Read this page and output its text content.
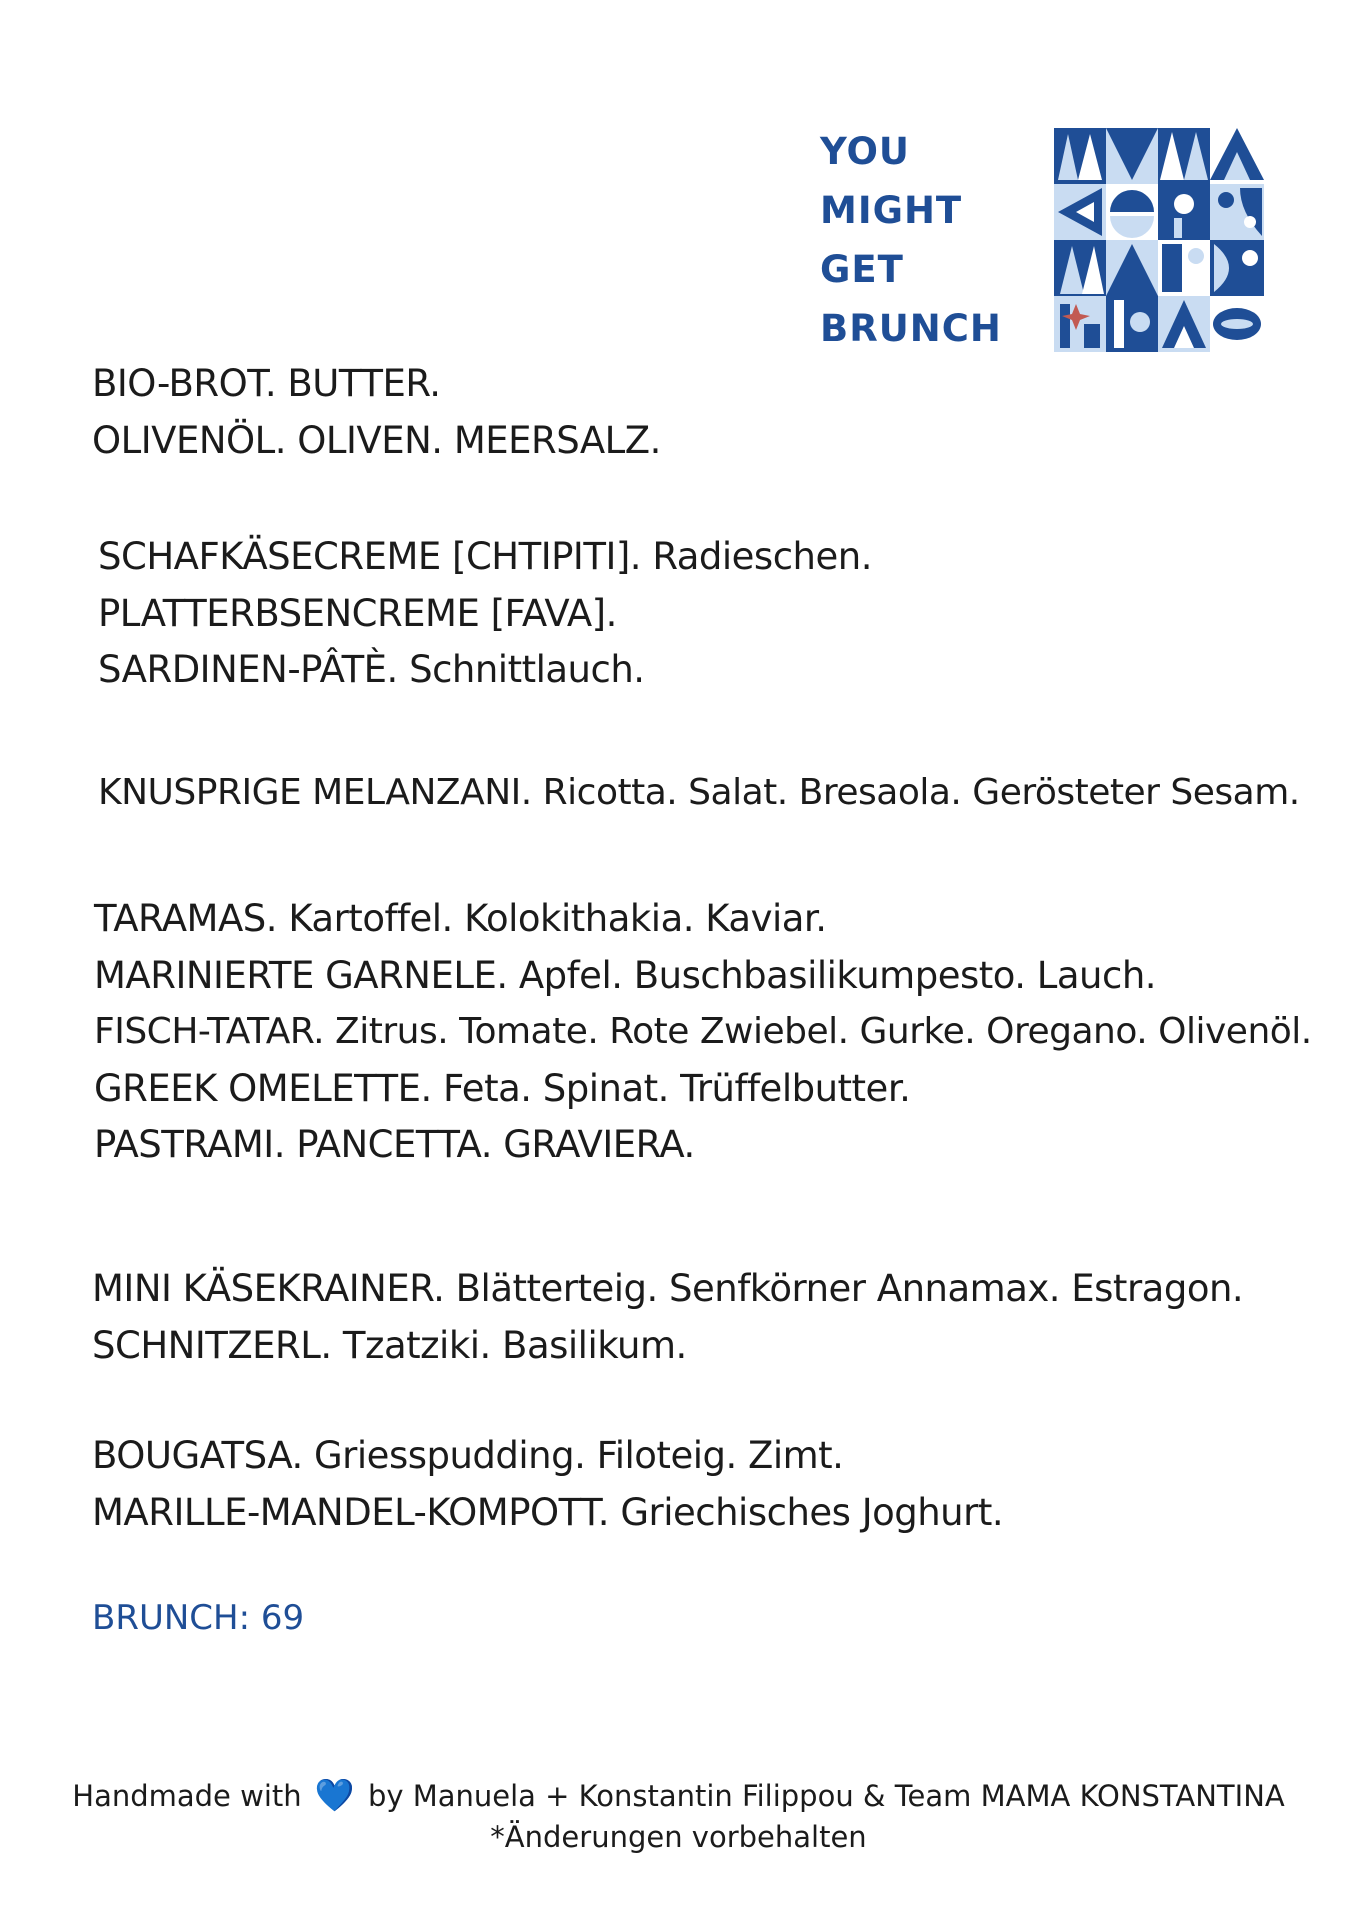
YOU
MIGHT
GET
BRUNCH
BIO-BROT. BUTTER.
OLIVENÖL. OLIVEN. MEERSALZ.
SCHAFKÄSECREME [CHTIPITI]. Radieschen.
PLATTERBSENCREME [FAVA].
SARDINEN-PÂTÈ. Schnittlauch.
KNUSPRIGE MELANZANI. Ricotta. Salat. Bresaola. Gerösteter Sesam.
TARAMAS. Kartoffel. Kolokithakia. Kaviar.
MARINIERTE GARNELE. Apfel. Buschbasilikumpesto. Lauch.
FISCH-TATAR. Zitrus. Tomate. Rote Zwiebel. Gurke. Oregano. Olivenöl.
GREEK OMELETTE. Feta. Spinat. Trüffelbutter.
PASTRAMI. PANCETTA. GRAVIERA.
MINI KÄSEKRAINER. Blätterteig. Senfkörner Annamax. Estragon.
SCHNITZERL. Tzatziki. Basilikum.
BOUGATSA. Griesspudding. Filoteig. Zimt.
MARILLE-MANDEL-KOMPOTT. Griechisches Joghurt.
BRUNCH: 69
Handmade with 💙 by Manuela + Konstantin Filippou & Team MAMA KONSTANTINA
*Änderungen vorbehalten
